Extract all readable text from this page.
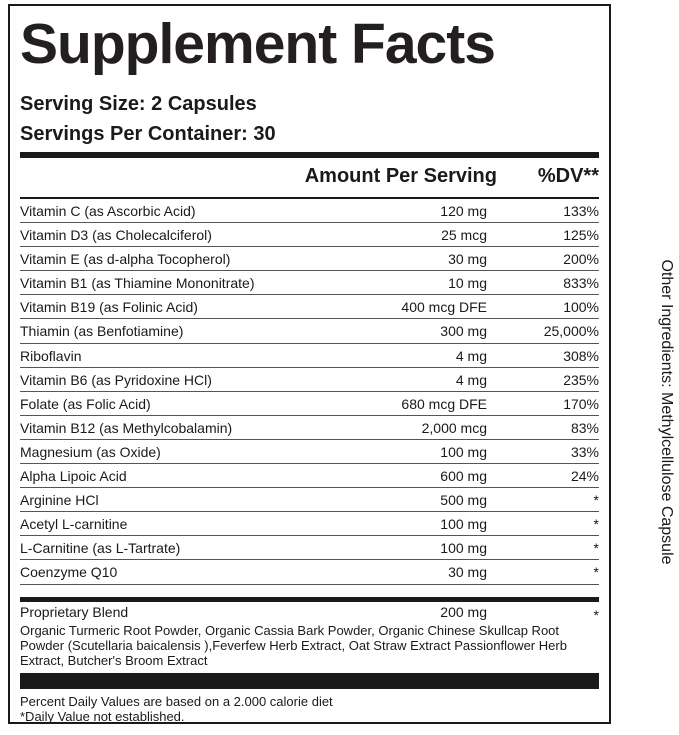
Supplement Facts
Serving Size: 2 Capsules
Servings Per Container: 30
Amount Per Serving %DV**
Vitamin C (as Ascorbic Acid)	120 mg	133%
Vitamin D3 (as Cholecalciferol)	25 mcg	125%
Vitamin E (as d-alpha Tocopherol)	30 mg	200%
Vitamin B1 (as Thiamine Mononitrate)	10 mg	833%
Vitamin B19 (as Folinic Acid)	400 mcg DFE	100%
Thiamin (as Benfotiamine)	300 mg	25,000%
Riboflavin	4 mg	308%
Vitamin B6 (as Pyridoxine HCl)	4 mg	235%
Folate (as Folic Acid)	680 mcg DFE	170%
Vitamin B12 (as Methylcobalamin)	2,000 mcg	83%
Magnesium (as Oxide)	100 mg	33%
Alpha Lipoic Acid	600 mg	24%
Arginine HCl	500 mg	*
Acetyl L-carnitine	100 mg	*
L-Carnitine (as L-Tartrate)	100 mg	*
Coenzyme Q10	30 mg	*
Proprietary Blend	200 mg	*

Organic Turmeric Root Powder, Organic Cassia Bark Powder, Organic Chinese Skullcap Root Powder (Scutellaria baicalensis ),Feverfew Herb Extract, Oat Straw Extract Passionflower Herb Extract, Butcher's Broom Extract

Percent Daily Values are based on a 2.000 calorie diet
*Daily Value not established.
Other Ingredients: Methylcellulose Capsule
